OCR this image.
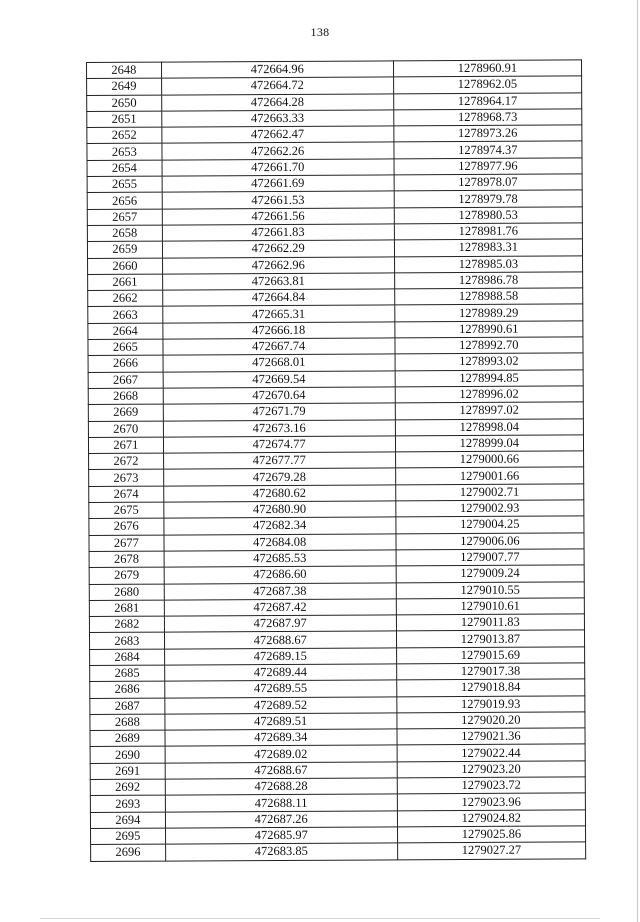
138
2648	472664.96	1278960.91
2649	472664.72	1278962.05
2650	472664.28	1278964.17
2651	472663.33	1278968.73
2652	472662.47	1278973.26
2653	472662.26	1278974.37
2654	472661.70	1278977.96
2655	472661.69	1278978.07
2656	472661.53	1278979.78
2657	472661.56	1278980.53
2658	472661.83	1278981.76
2659	472662.29	1278983.31
2660	472662.96	1278985.03
2661	472663.81	1278986.78
2662	472664.84	1278988.58
2663	472665.31	1278989.29
2664	472666.18	1278990.61
2665	472667.74	1278992.70
2666	472668.01	1278993.02
2667	472669.54	1278994.85
2668	472670.64	1278996.02
2669	472671.79	1278997.02
2670	472673.16	1278998.04
2671	472674.77	1278999.04
2672	472677.77	1279000.66
2673	472679.28	1279001.66
2674	472680.62	1279002.71
2675	472680.90	1279002.93
2676	472682.34	1279004.25
2677	472684.08	1279006.06
2678	472685.53	1279007.77
2679	472686.60	1279009.24
2680	472687.38	1279010.55
2681	472687.42	1279010.61
2682	472687.97	1279011.83
2683	472688.67	1279013.87
2684	472689.15	1279015.69
2685	472689.44	1279017.38
2686	472689.55	1279018.84
2687	472689.52	1279019.93
2688	472689.51	1279020.20
2689	472689.34	1279021.36
2690	472689.02	1279022.44
2691	472688.67	1279023.20
2692	472688.28	1279023.72
2693	472688.11	1279023.96
2694	472687.26	1279024.82
2695	472685.97	1279025.86
2696	472683.85	1279027.27
